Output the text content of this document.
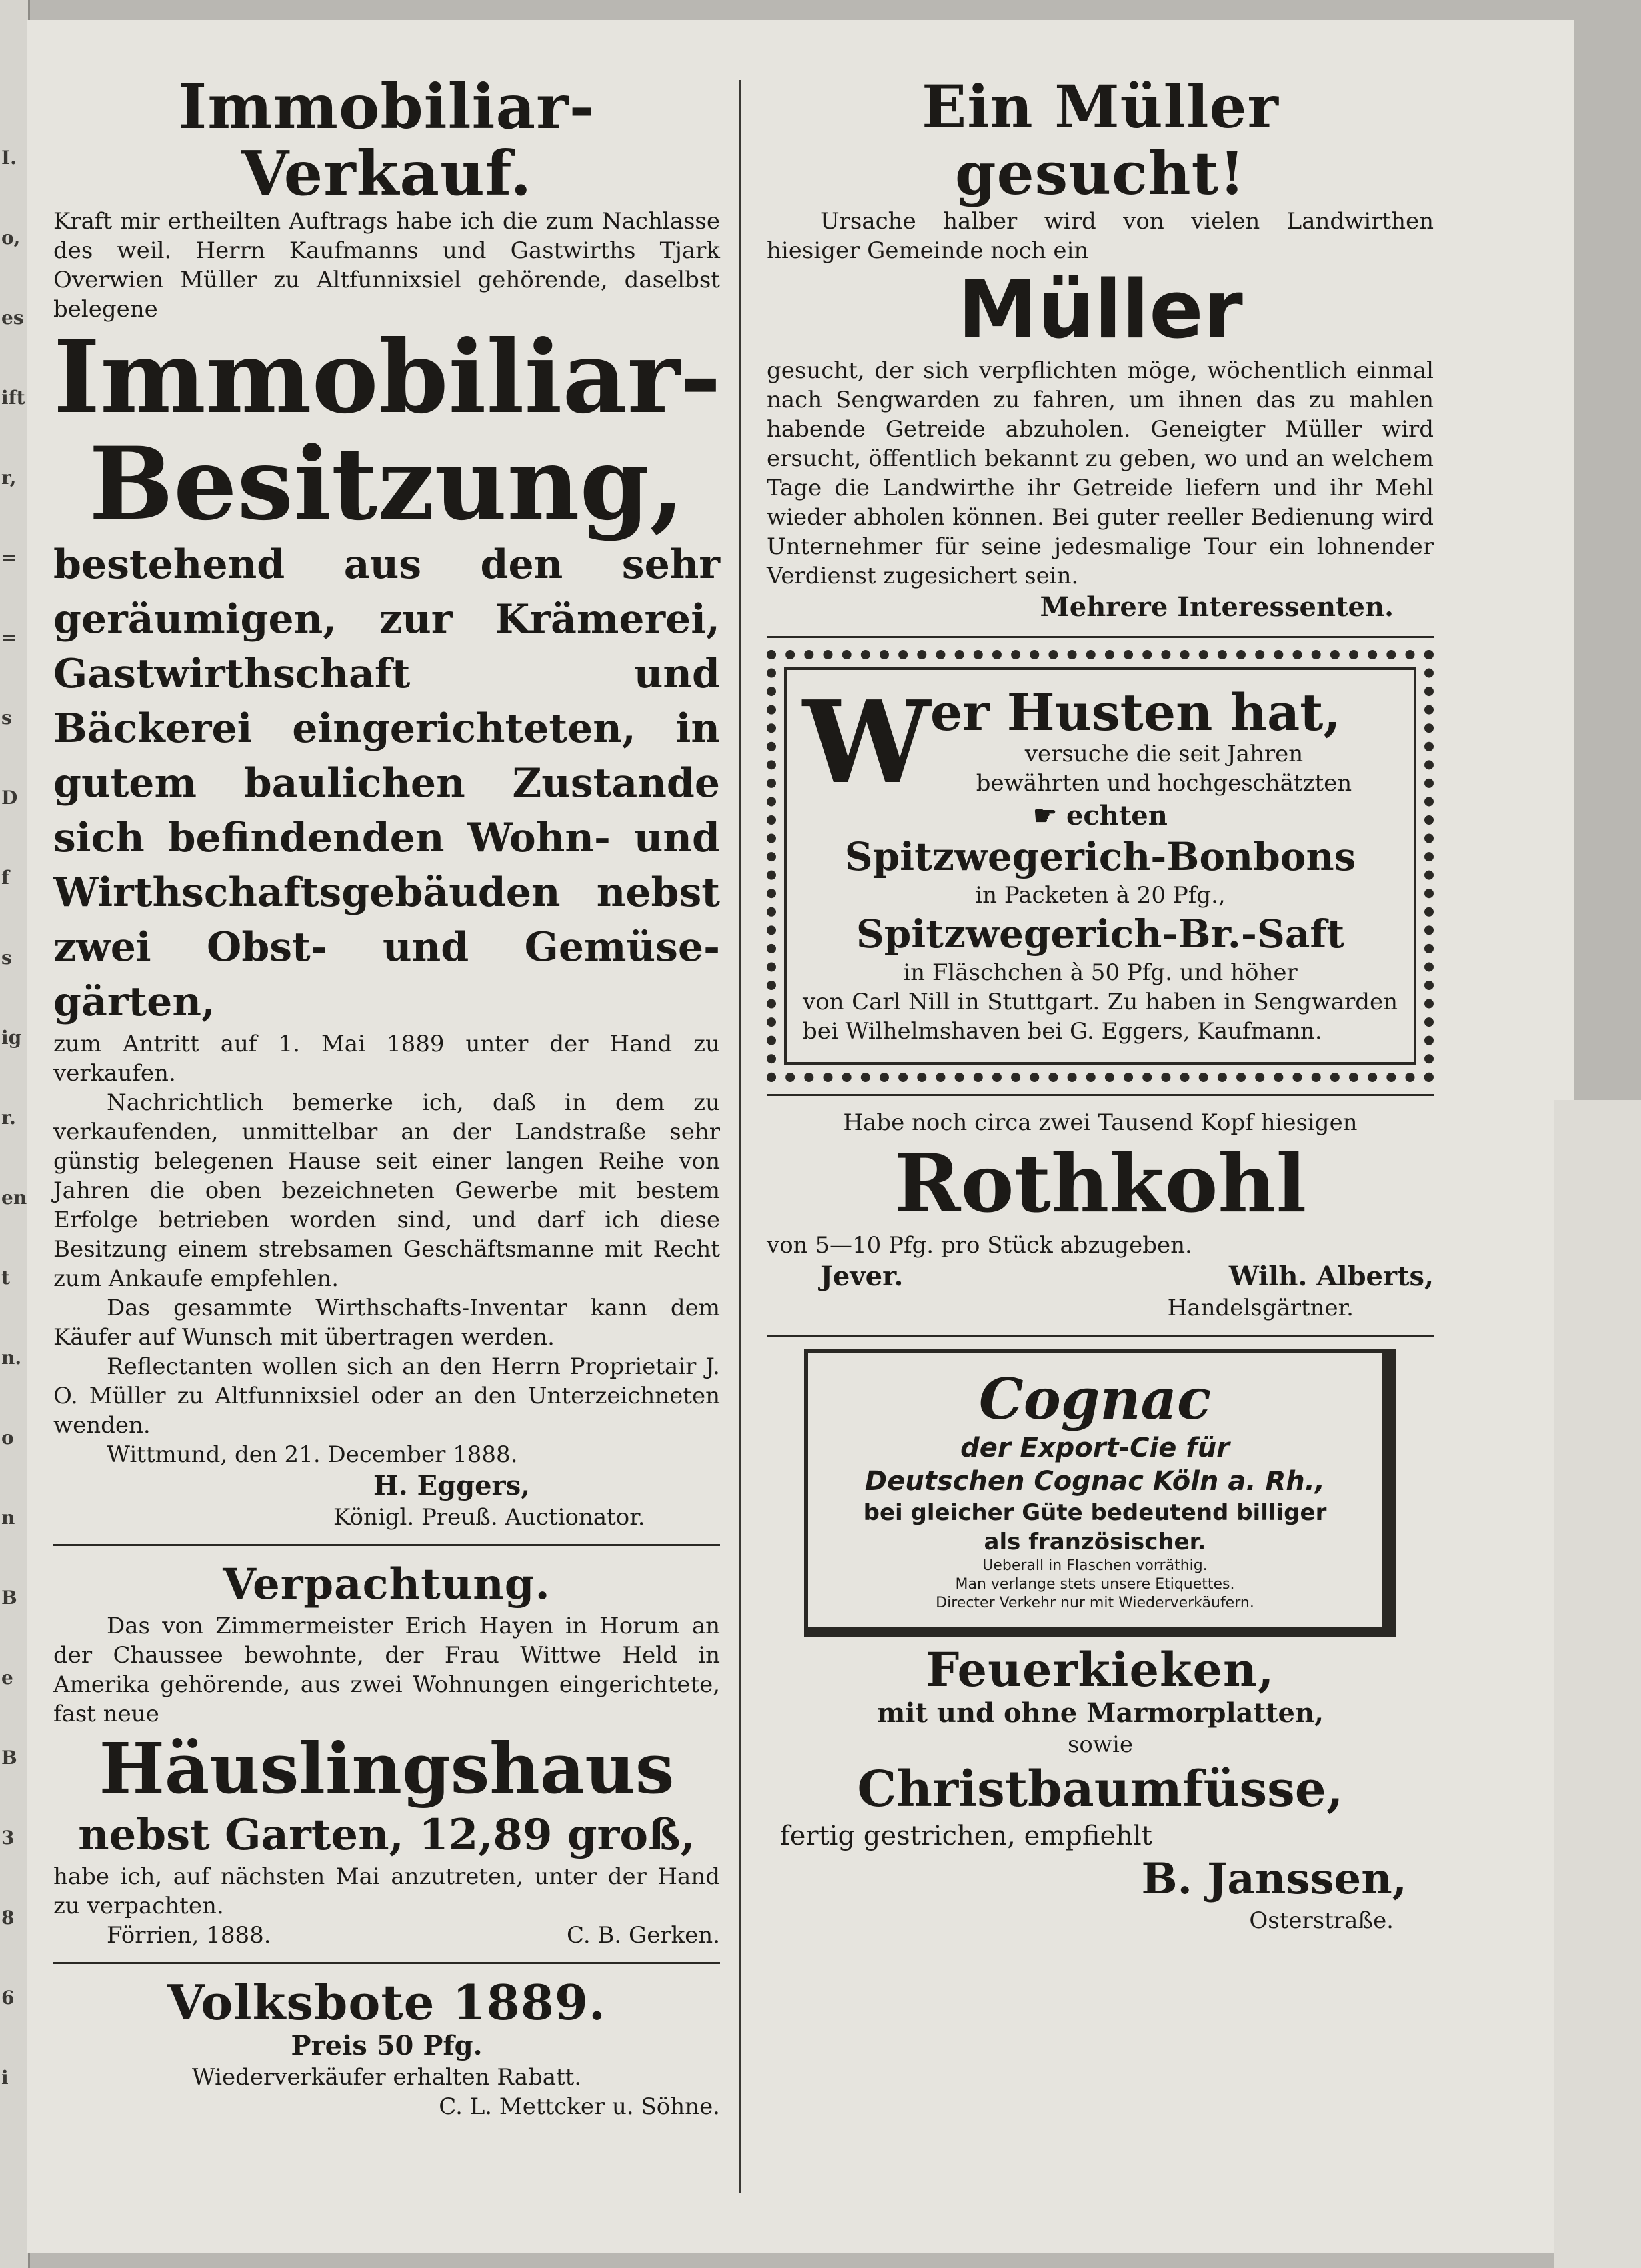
I.
o,
es
ift
r,
=
=
s
D
f
s
ig
r.
en
t
n.
o
n
B
e
B
3
8
6
i
Immobiliar-Verkauf.

Kraft mir ertheilten Auftrags habe ich die zum Nachlasse des weil. Herrn Kaufmanns und Gastwirths Tjark Overwien Müller zu Altfunnixsiel gehörende, daselbst belegene

Immobiliar-
Besitzung,

bestehend aus den sehr geräumigen, zur Krämerei, Gastwirthschaft und Bäckerei eingerichteten, in gutem baulichen Zustande sich befindenden Wohn- und Wirthschaftsgebäuden nebst zwei Obst- und Gemüse-gärten,

zum Antritt auf 1. Mai 1889 unter der Hand zu verkaufen.

Nachrichtlich bemerke ich, daß in dem zu verkaufenden, unmittelbar an der Landstraße sehr günstig belegenen Hause seit einer langen Reihe von Jahren die oben bezeichneten Gewerbe mit bestem Erfolge betrieben worden sind, und darf ich diese Besitzung einem strebsamen Geschäftsmanne mit Recht zum Ankaufe empfehlen.

Das gesammte Wirthschafts-Inventar kann dem Käufer auf Wunsch mit übertragen werden.

Reflectanten wollen sich an den Herrn Proprietair J. O. Müller zu Altfunnixsiel oder an den Unterzeichneten wenden.

Wittmund, den 21. December 1888.

H. Eggers,

Königl. Preuß. Auctionator.

Verpachtung.

Das von Zimmermeister Erich Hayen in Horum an der Chaussee bewohnte, der Frau Wittwe Held in Amerika gehörende, aus zwei Wohnungen eingerichtete, fast neue

Häuslingshaus
nebst Garten, 12,89 groß,

habe ich, auf nächsten Mai anzutreten, unter der Hand zu verpachten.

Förrien, 1888.	C. B. Gerken.
Volksbote 1889.
Preis 50 Pfg.
Wiederverkäufer erhalten Rabatt.
C. L. Mettcker u. Söhne.
Ein Müller gesucht!

Ursache halber wird von vielen Landwirthen hiesiger Gemeinde noch ein

Müller

gesucht, der sich verpflichten möge, wöchentlich einmal nach Sengwarden zu fahren, um ihnen das zu mahlen habende Getreide abzuholen. Geneigter Müller wird ersucht, öffentlich bekannt zu geben, wo und an welchem Tage die Landwirthe ihr Getreide liefern und ihr Mehl wieder abholen können. Bei guter reeller Bedienung wird Unternehmer für seine jedesmalige Tour ein lohnender Verdienst zugesichert sein.

Mehrere Interessenten.
W er Husten hat,
versuche die seit Jahren
bewährten und hochgeschätzten
☛ echten
Spitzwegerich-Bonbons
in Packeten à 20 Pfg.,
Spitzwegerich-Br.-Saft
in Fläschchen à 50 Pfg. und höher

von Carl Nill in Stuttgart. Zu haben in Sengwarden bei Wilhelmshaven bei G. Eggers, Kaufmann.

Habe noch circa zwei Tausend Kopf hiesigen
Rothkohl
von 5—10 Pfg. pro Stück abzugeben.
Jever.	Wilh. Alberts,
Handelsgärtner.
Cognac
der Export-Cie für
Deutschen Cognac Köln a. Rh.,
bei gleicher Güte bedeutend billiger
als französischer.
Ueberall in Flaschen vorräthig.
Man verlange stets unsere Etiquettes.
Directer Verkehr nur mit Wiederverkäufern.
Feuerkieken,
mit und ohne Marmorplatten,
sowie
Christbaumfüsse,
fertig gestrichen, empfiehlt
B. Janssen,
Osterstraße.
